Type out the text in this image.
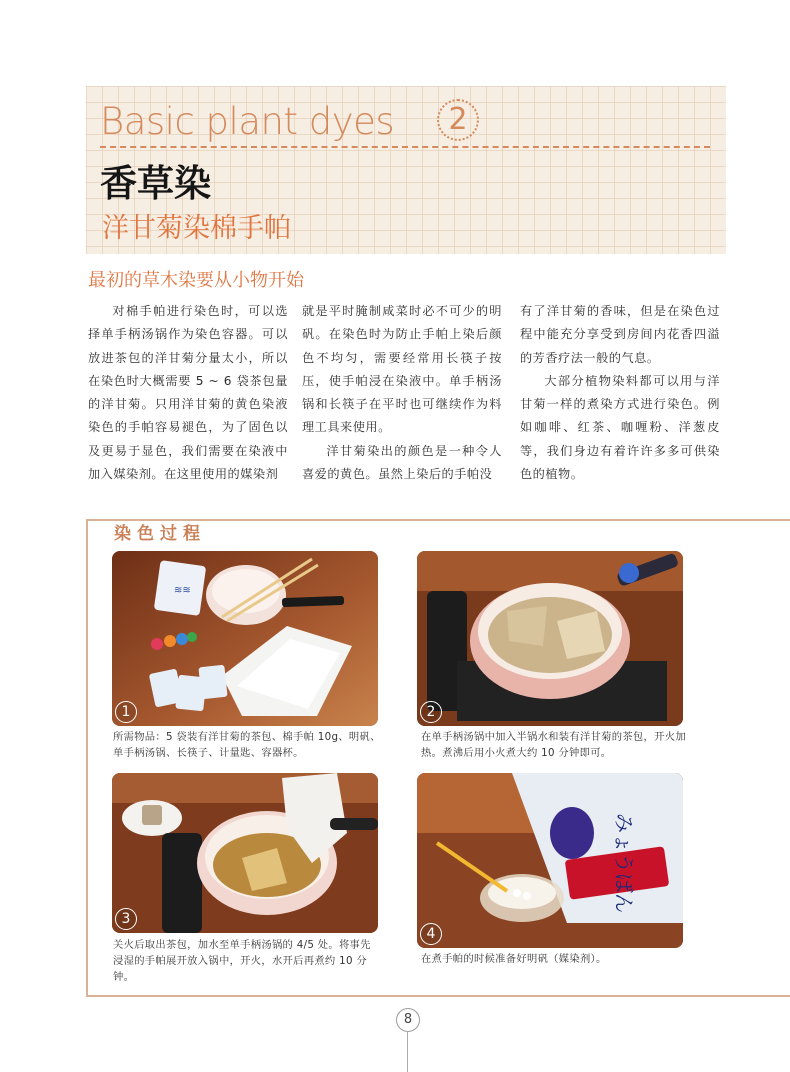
Basic plant dyes	2
香草染
洋甘菊染棉手帕
最初的草木染要从小物开始

对棉手帕进行染色时，可以选择单手柄汤锅作为染色容器。可以放进茶包的洋甘菊分量太小，所以在染色时大概需要 5 ~ 6 袋茶包量的洋甘菊。只用洋甘菊的黄色染液染色的手帕容易褪色，为了固色以及更易于显色，我们需要在染液中加入媒染剂。在这里使用的媒染剂

就是平时腌制咸菜时必不可少的明矾。在染色时为防止手帕上染后颜色不均匀，需要经常用长筷子按压，使手帕浸在染液中。单手柄汤锅和长筷子在平时也可继续作为料理工具来使用。

洋甘菊染出的颜色是一种令人喜爱的黄色。虽然上染后的手帕没

有了洋甘菊的香味，但是在染色过程中能充分享受到房间内花香四溢的芳香疗法一般的气息。

大部分植物染料都可以用与洋甘菊一样的煮染方式进行染色。例如咖啡、红茶、咖喱粉、洋葱皮等，我们身边有着许许多多可供染色的植物。

染色过程
≋≋
1
所需物品：5 袋装有洋甘菊的茶包、棉手帕 10g、明矾、单手柄汤锅、长筷子、计量匙、容器杯。
2
在单手柄汤锅中加入半锅水和装有洋甘菊的茶包，开火加热。煮沸后用小火煮大约 10 分钟即可。
3
关火后取出茶包，加水至单手柄汤锅的 4/5 处。将事先浸湿的手帕展开放入锅中，开火，水开后再煮约 10 分钟。
みょうばん
4
在煮手帕的时候准备好明矾（媒染剂）。
8
